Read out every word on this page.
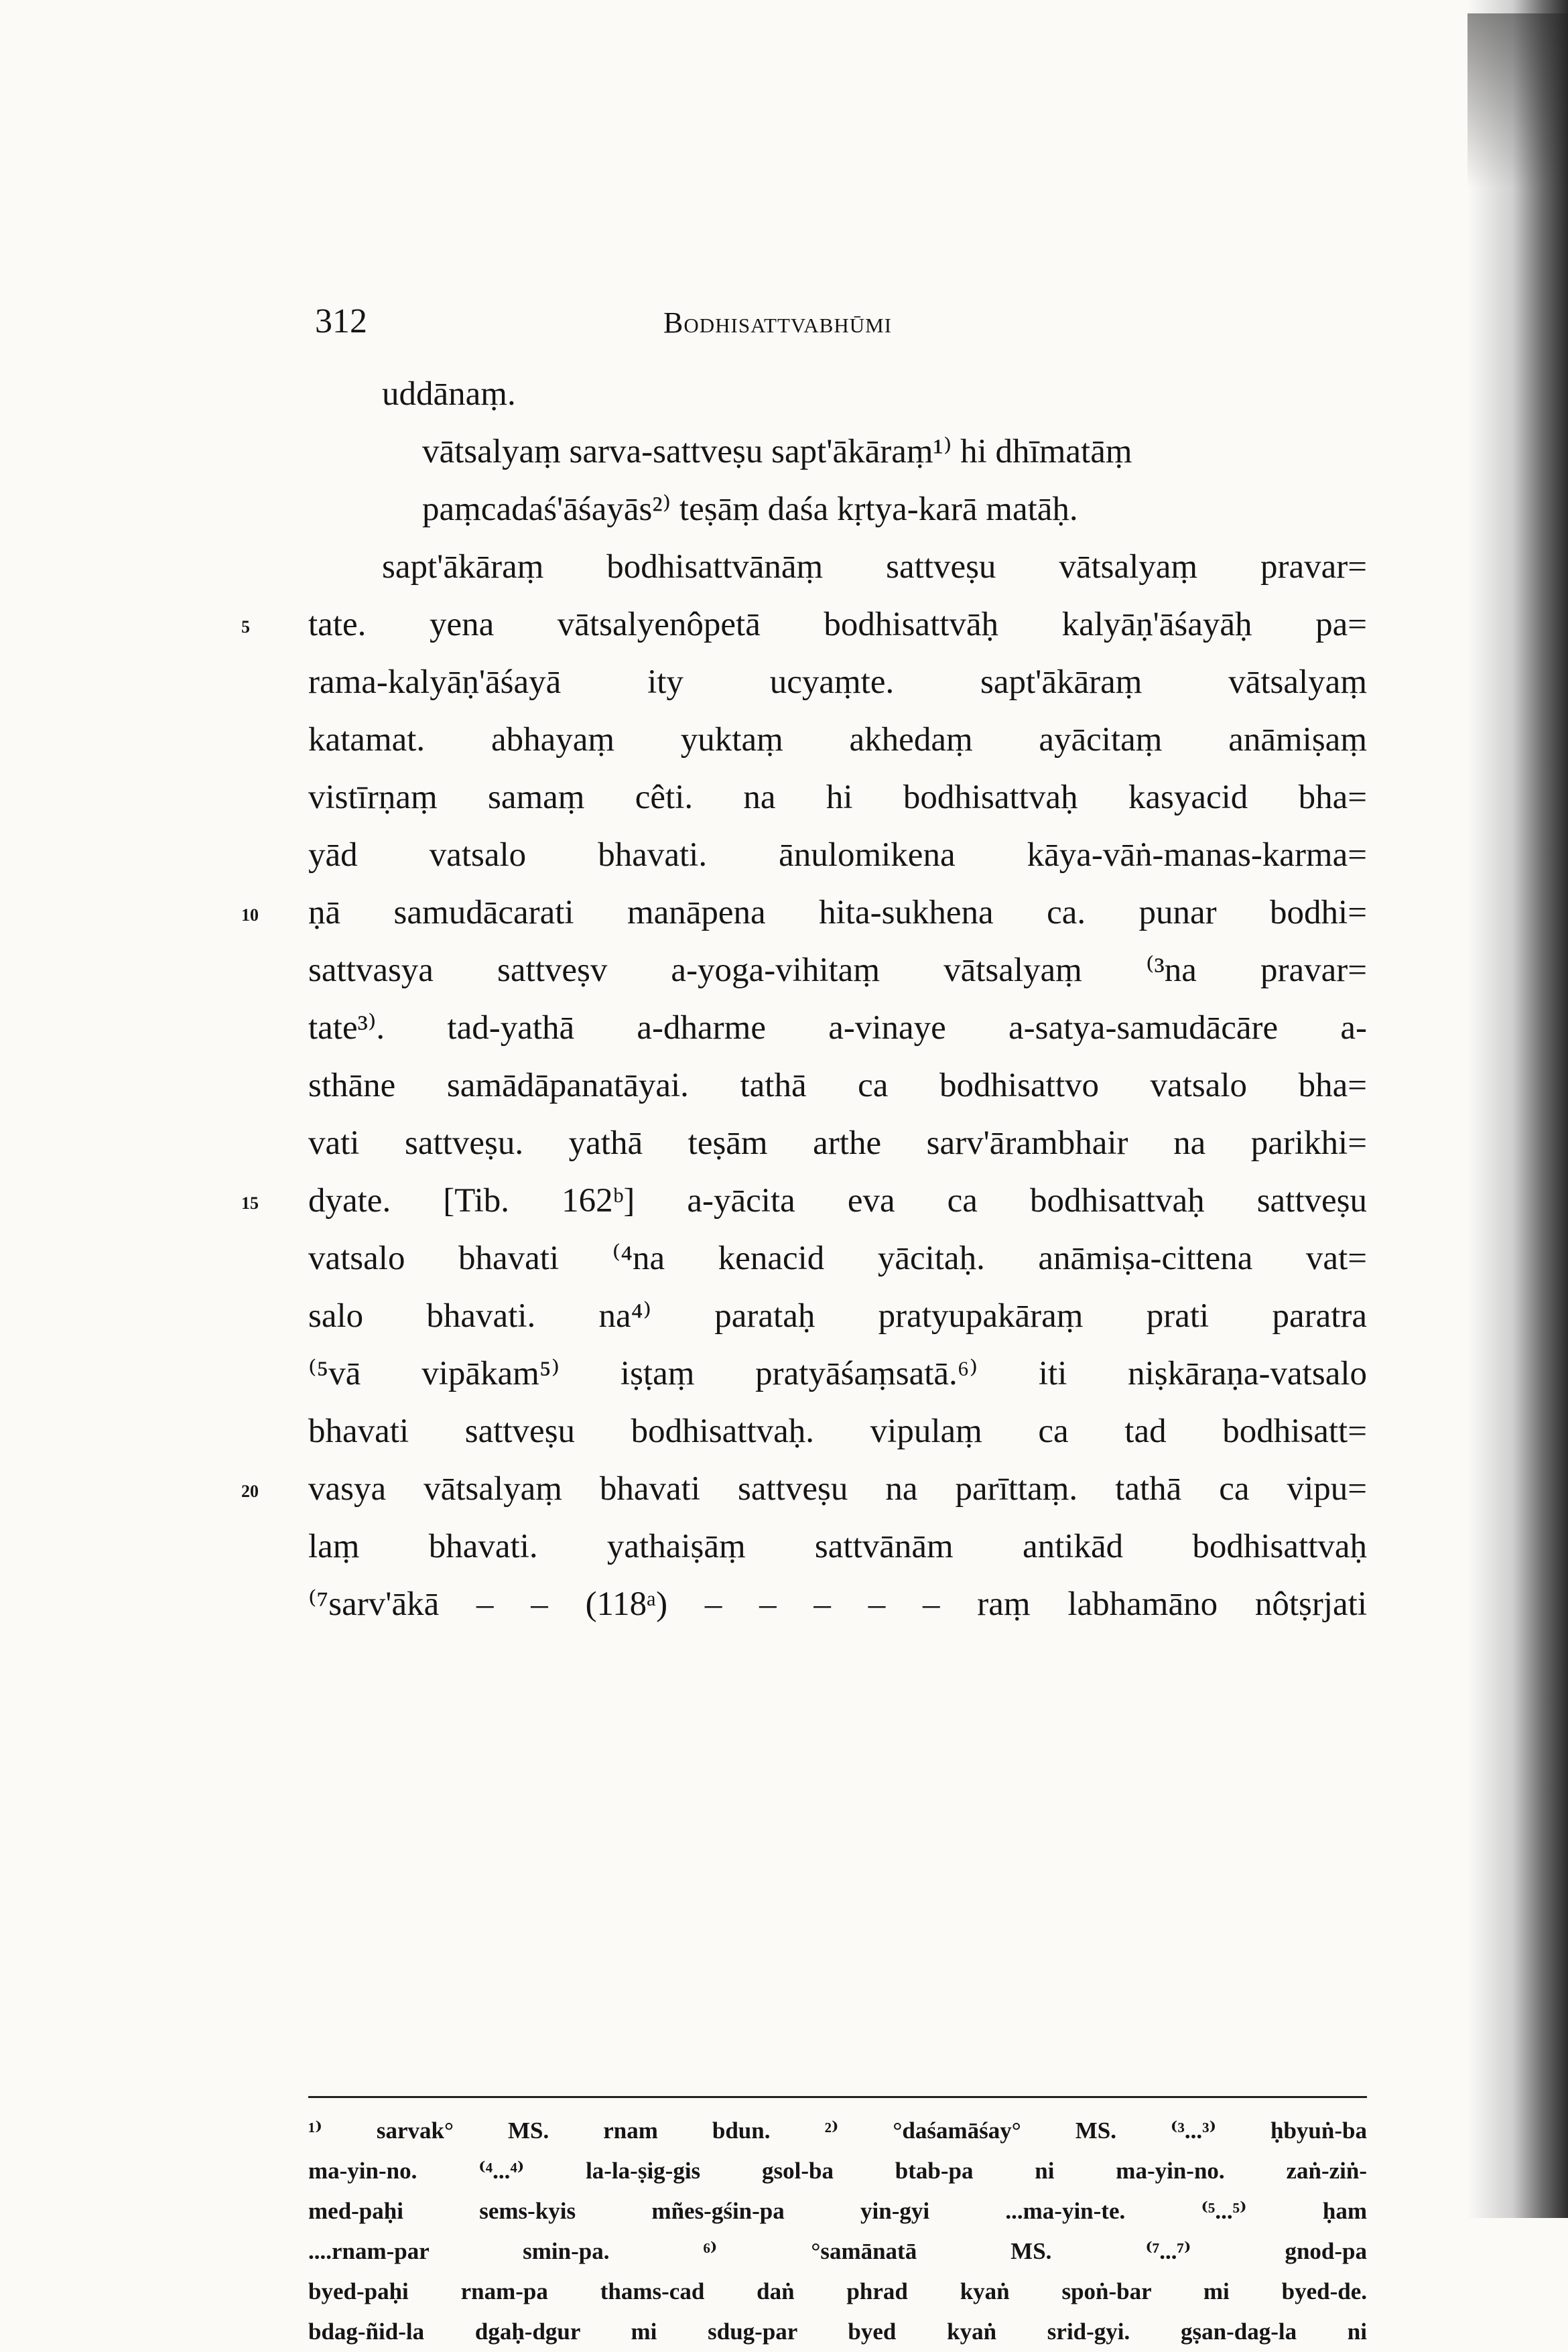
312	Bodhisattvabhūmi
uddānaṃ.
vātsalyaṃ sarva-sattveṣu sapt'ākāraṃ¹⁾ hi dhīmatāṃ
paṃcadaś'āśayās²⁾ teṣāṃ daśa kṛtya-karā matāḥ.
sapt'ākāraṃ bodhisattvānāṃ sattveṣu vātsalyaṃ pravar=
5 tate. yena vātsalyenôpetā bodhisattvāḥ kalyāṇ'āśayāḥ pa=
rama-kalyāṇ'āśayā ity ucyaṃte. sapt'ākāraṃ vātsalyaṃ
katamat. abhayaṃ yuktaṃ akhedaṃ ayācitaṃ anāmiṣaṃ
vistīrṇaṃ samaṃ cêti. na hi bodhisattvaḥ kasyacid bha=
yād vatsalo bhavati. ānulomikena kāya-vāṅ-manas-karma=
10 ṇā samudācarati manāpena hita-sukhena ca. punar bodhi=
sattvasya sattveṣv a-yoga-vihitaṃ vātsalyaṃ ⁽³na pravar=
tate³⁾. tad-yathā a-dharme a-vinaye a-satya-samudācāre a-
sthāne samādāpanatāyai. tathā ca bodhisattvo vatsalo bha=
vati sattveṣu. yathā teṣām arthe sarv'ārambhair na parikhi=
15 dyate. [Tib. 162ᵇ] a-yācita eva ca bodhisattvaḥ sattveṣu
vatsalo bhavati ⁽⁴na kenacid yācitaḥ. anāmiṣa-cittena vat=
salo bhavati. na⁴⁾ parataḥ pratyupakāraṃ prati paratra
⁽⁵vā vipākam⁵⁾ iṣṭaṃ pratyāśaṃsatā.⁶⁾ iti niṣkāraṇa-vatsalo
bhavati sattveṣu bodhisattvaḥ. vipulaṃ ca tad bodhisatt=
20 vasya vātsalyaṃ bhavati sattveṣu na parīttaṃ. tathā ca vipu=
laṃ bhavati. yathaiṣāṃ sattvānām antikād bodhisattvaḥ
⁽⁷sarv'ākā – – (118ᵃ) – – – – – raṃ labhamāno nôtṣrjati
¹⁾ sarvak° MS. rnam bdun. ²⁾ °daśamāśay° MS. ⁽³...³⁾ ḥbyuṅ-ba
ma-yin-no. ⁽⁴...⁴⁾ la-la-ṣig-gis gsol-ba btab-pa ni ma-yin-no. zaṅ-ziṅ-
med-paḥi sems-kyis mñes-gśin-pa yin-gyi ...ma-yin-te. ⁽⁵...⁵⁾ ḥam
....rnam-par smin-pa. ⁶⁾ °samānatā MS. ⁽⁷...⁷⁾ gnod-pa
byed-paḥi rnam-pa thams-cad daṅ phrad kyaṅ spoṅ-bar mi byed-de.
bdag-ñid-la dgaḥ-dgur mi sdug-par byed kyaṅ srid-gyi. gṣan-dag-la ni
